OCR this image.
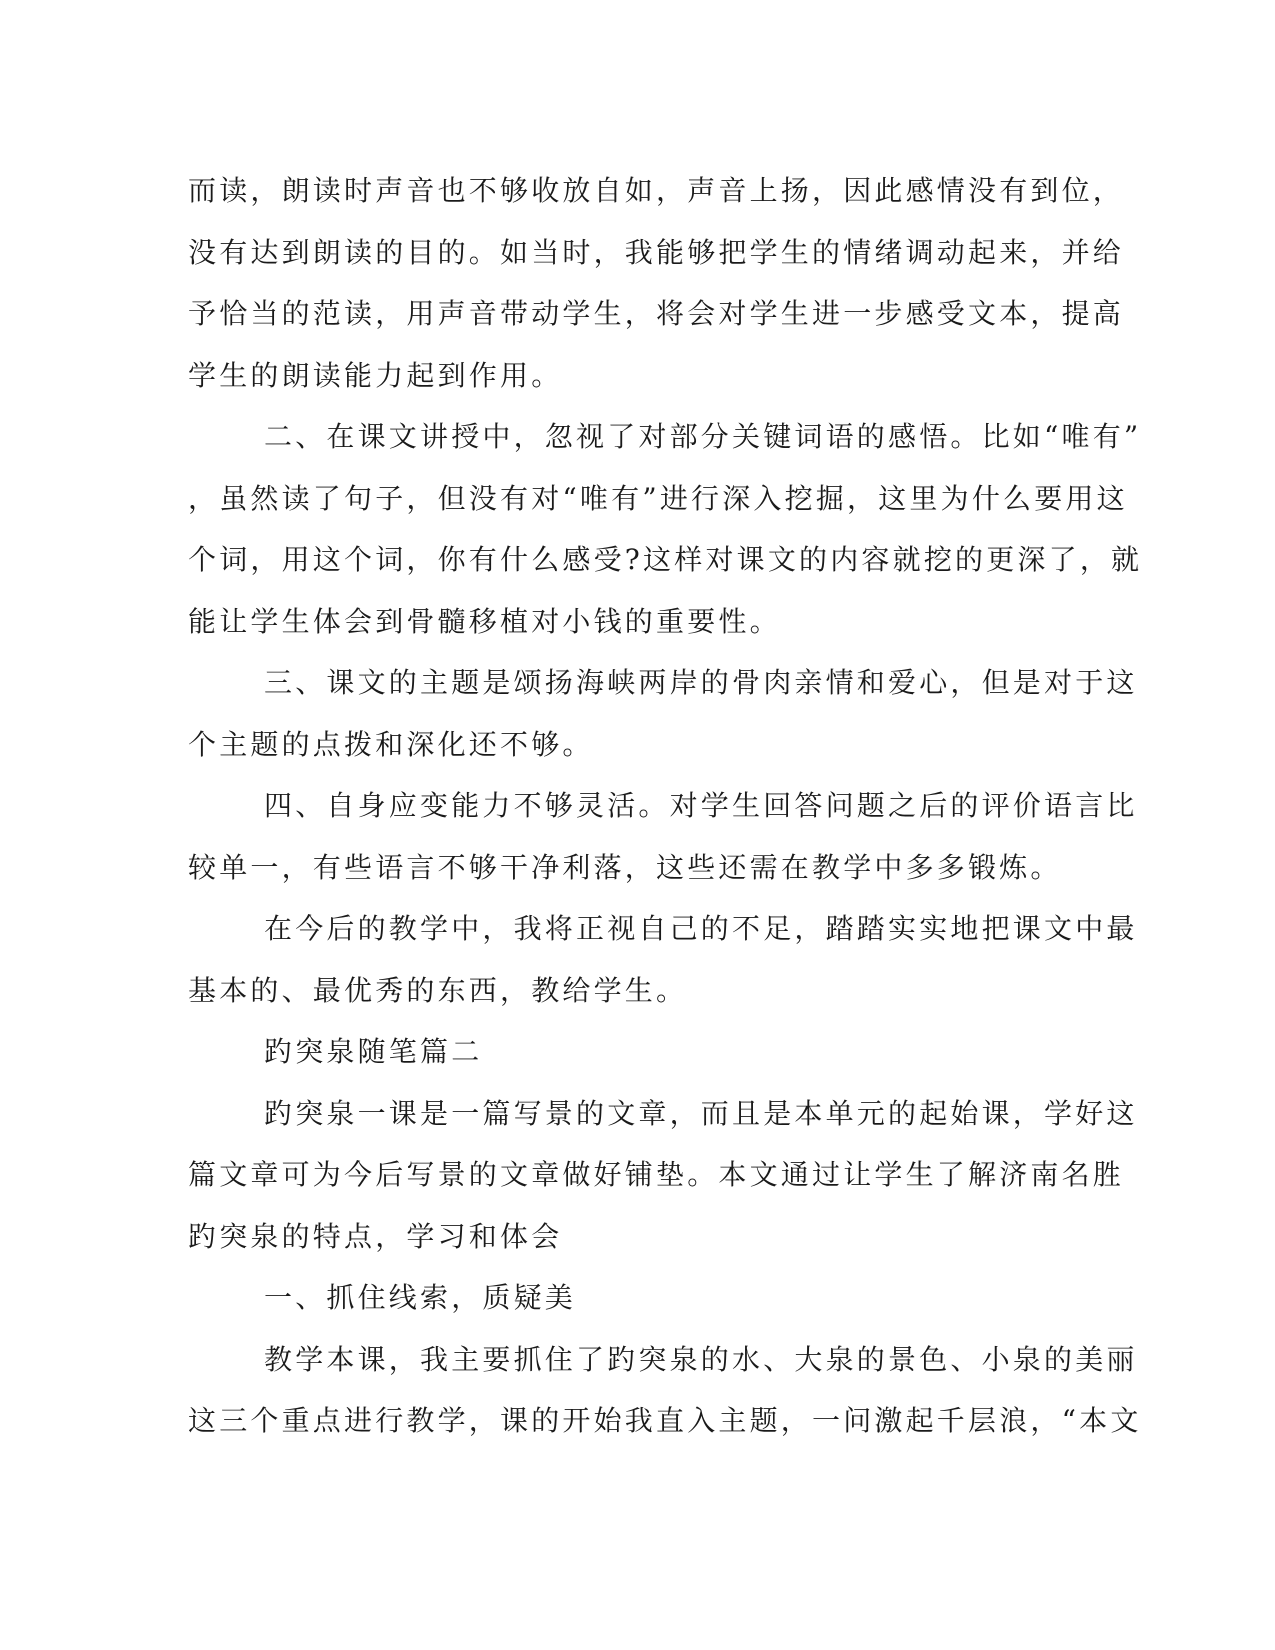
而读，朗读时声音也不够收放自如，声音上扬，因此感情没有到位，
没有达到朗读的目的。如当时，我能够把学生的情绪调动起来，并给
予恰当的范读，用声音带动学生，将会对学生进一步感受文本，提高
学生的朗读能力起到作用。
二、在课文讲授中，忽视了对部分关键词语的感悟。比如“唯有”
，虽然读了句子，但没有对“唯有”进行深入挖掘，这里为什么要用这
个词，用这个词，你有什么感受?这样对课文的内容就挖的更深了，就
能让学生体会到骨髓移植对小钱的重要性。
三、课文的主题是颂扬海峡两岸的骨肉亲情和爱心，但是对于这
个主题的点拨和深化还不够。
四、自身应变能力不够灵活。对学生回答问题之后的评价语言比
较单一，有些语言不够干净利落，这些还需在教学中多多锻炼。
在今后的教学中，我将正视自己的不足，踏踏实实地把课文中最
基本的、最优秀的东西，教给学生。
趵突泉随笔篇二
趵突泉一课是一篇写景的文章，而且是本单元的起始课，学好这
篇文章可为今后写景的文章做好铺垫。本文通过让学生了解济南名胜
趵突泉的特点，学习和体会
一、抓住线索，质疑美
教学本课，我主要抓住了趵突泉的水、大泉的景色、小泉的美丽
这三个重点进行教学，课的开始我直入主题，一问激起千层浪，“本文
